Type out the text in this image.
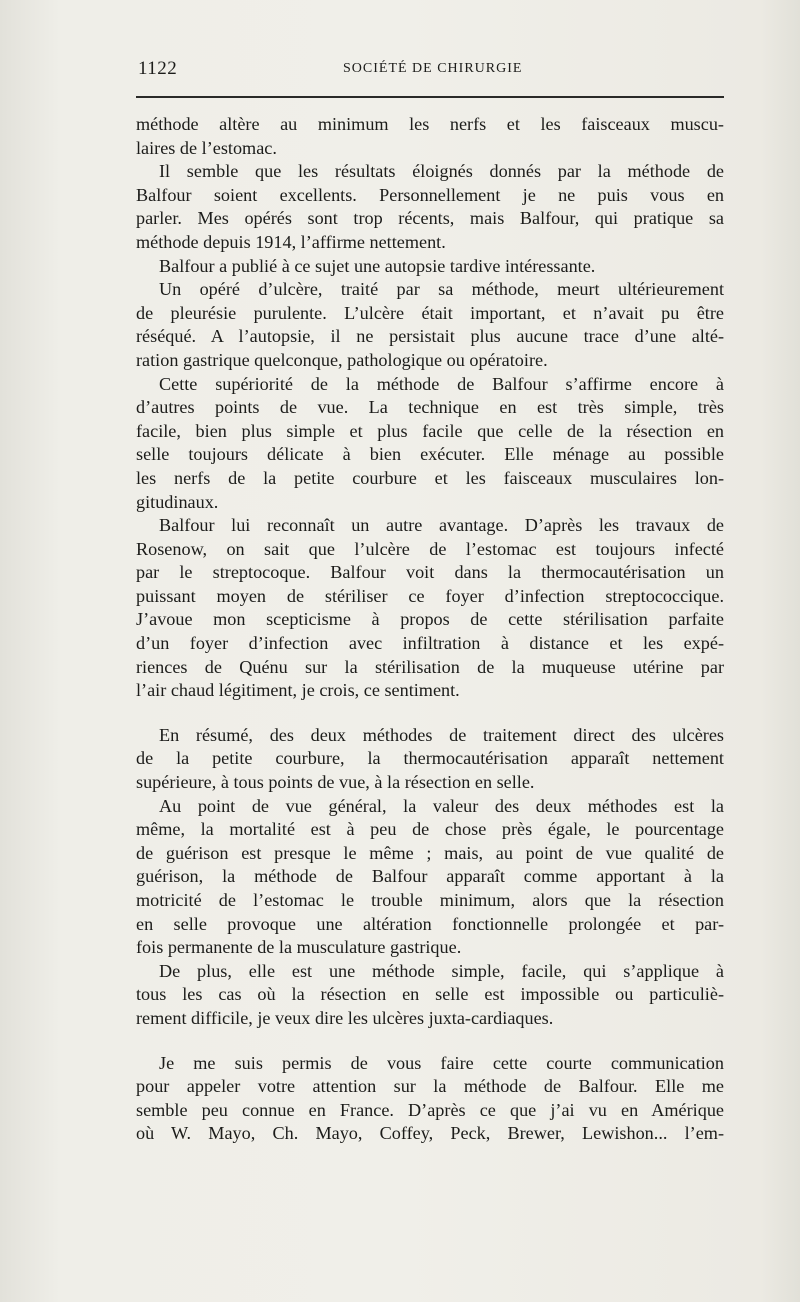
1122	SOCIÉTÉ DE CHIRURGIE
méthode altère au minimum les nerfs et les faisceaux muscu-
laires de l’estomac.
Il semble que les résultats éloignés donnés par la méthode de
Balfour soient excellents. Personnellement je ne puis vous en
parler. Mes opérés sont trop récents, mais Balfour, qui pratique sa
méthode depuis 1914, l’affirme nettement.
Balfour a publié à ce sujet une autopsie tardive intéressante.
Un opéré d’ulcère, traité par sa méthode, meurt ultérieurement
de pleurésie purulente. L’ulcère était important, et n’avait pu être
réséqué. A l’autopsie, il ne persistait plus aucune trace d’une alté-
ration gastrique quelconque, pathologique ou opératoire.
Cette supériorité de la méthode de Balfour s’affirme encore à
d’autres points de vue. La technique en est très simple, très
facile, bien plus simple et plus facile que celle de la résection en
selle toujours délicate à bien exécuter. Elle ménage au possible
les nerfs de la petite courbure et les faisceaux musculaires lon-
gitudinaux.
Balfour lui reconnaît un autre avantage. D’après les travaux de
Rosenow, on sait que l’ulcère de l’estomac est toujours infecté
par le streptocoque. Balfour voit dans la thermocautérisation un
puissant moyen de stériliser ce foyer d’infection streptococcique.
J’avoue mon scepticisme à propos de cette stérilisation parfaite
d’un foyer d’infection avec infiltration à distance et les expé-
riences de Quénu sur la stérilisation de la muqueuse utérine par
l’air chaud légitiment, je crois, ce sentiment.
En résumé, des deux méthodes de traitement direct des ulcères
de la petite courbure, la thermocautérisation apparaît nettement
supérieure, à tous points de vue, à la résection en selle.
Au point de vue général, la valeur des deux méthodes est la
même, la mortalité est à peu de chose près égale, le pourcentage
de guérison est presque le même ; mais, au point de vue qualité de
guérison, la méthode de Balfour apparaît comme apportant à la
motricité de l’estomac le trouble minimum, alors que la résection
en selle provoque une altération fonctionnelle prolongée et par-
fois permanente de la musculature gastrique.
De plus, elle est une méthode simple, facile, qui s’applique à
tous les cas où la résection en selle est impossible ou particuliè-
rement difficile, je veux dire les ulcères juxta-cardiaques.
Je me suis permis de vous faire cette courte communication
pour appeler votre attention sur la méthode de Balfour. Elle me
semble peu connue en France. D’après ce que j’ai vu en Amérique
où W. Mayo, Ch. Mayo, Coffey, Peck, Brewer, Lewishon... l’em-
